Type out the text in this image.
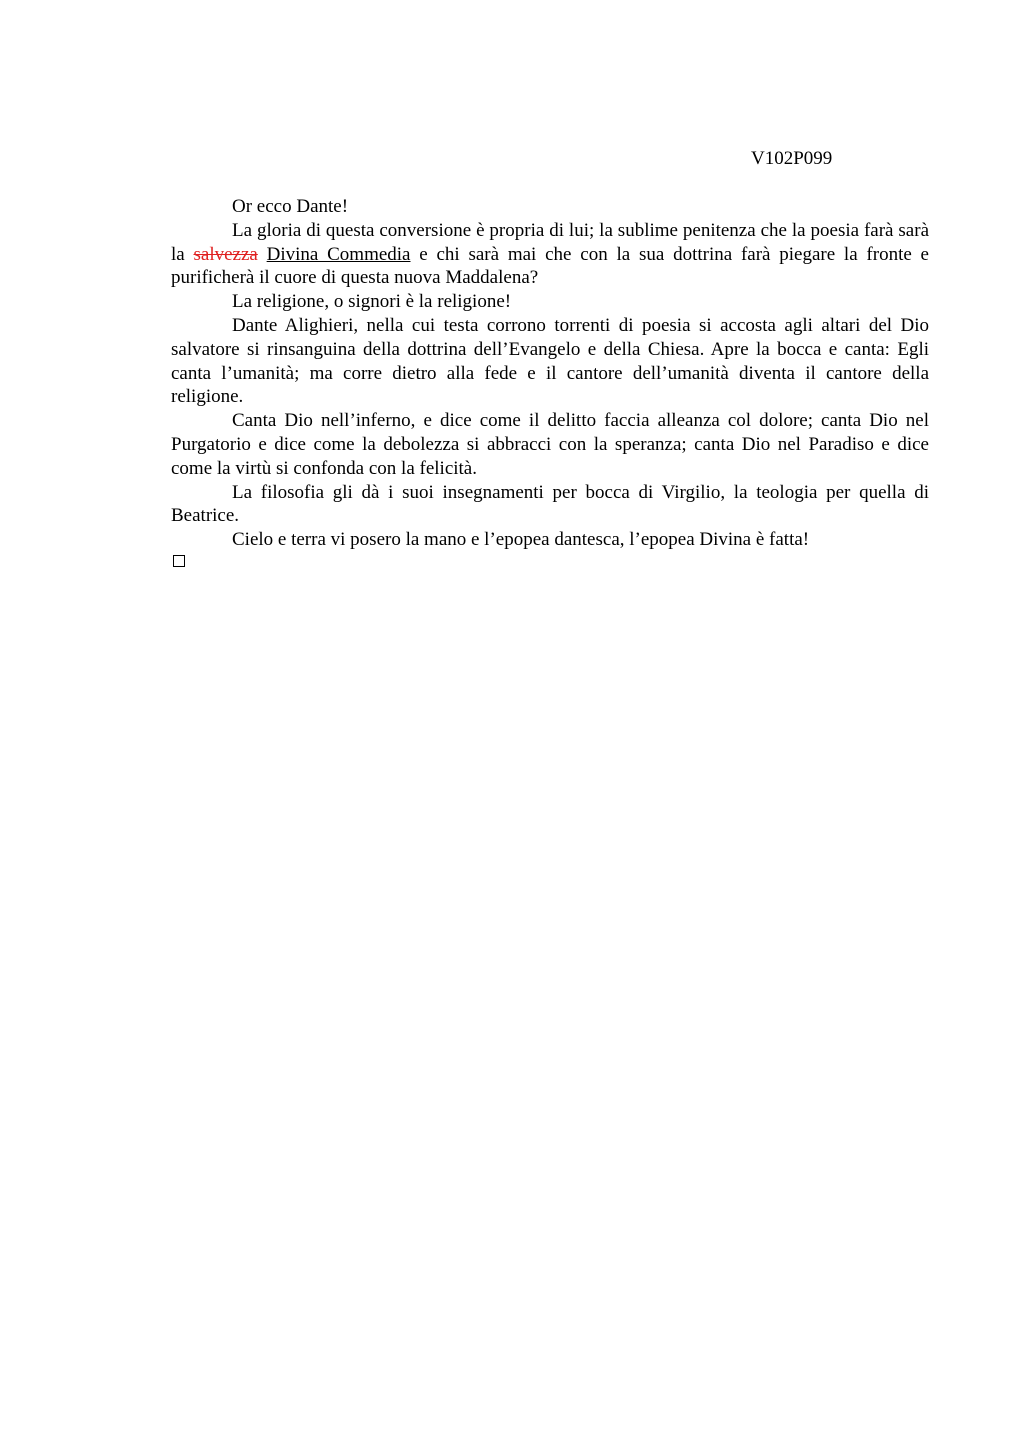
V102P099

Or ecco Dante!

La gloria di questa conversione è propria di lui; la sublime penitenza che la poesia farà sarà la salvezza Divina Commedia e chi sarà mai che con la sua dottrina farà piegare la fronte e purificherà il cuore di questa nuova Maddalena?

La religione, o signori è la religione!

Dante Alighieri, nella cui testa corrono torrenti di poesia si accosta agli altari del Dio salvatore si rinsanguina della dottrina dell’Evangelo e della Chiesa. Apre la bocca e canta: Egli canta l’umanità; ma corre dietro alla fede e il cantore dell’umanità diventa il cantore della religione.

Canta Dio nell’inferno, e dice come il delitto faccia alleanza col dolore; canta Dio nel Purgatorio e dice come la debolezza si abbracci con la speranza; canta Dio nel Paradiso e dice come la virtù si confonda con la felicità.

La filosofia gli dà i suoi insegnamenti per bocca di Virgilio, la teologia per quella di Beatrice.

Cielo e terra vi posero la mano e l’epopea dantesca, l’epopea Divina è fatta!
